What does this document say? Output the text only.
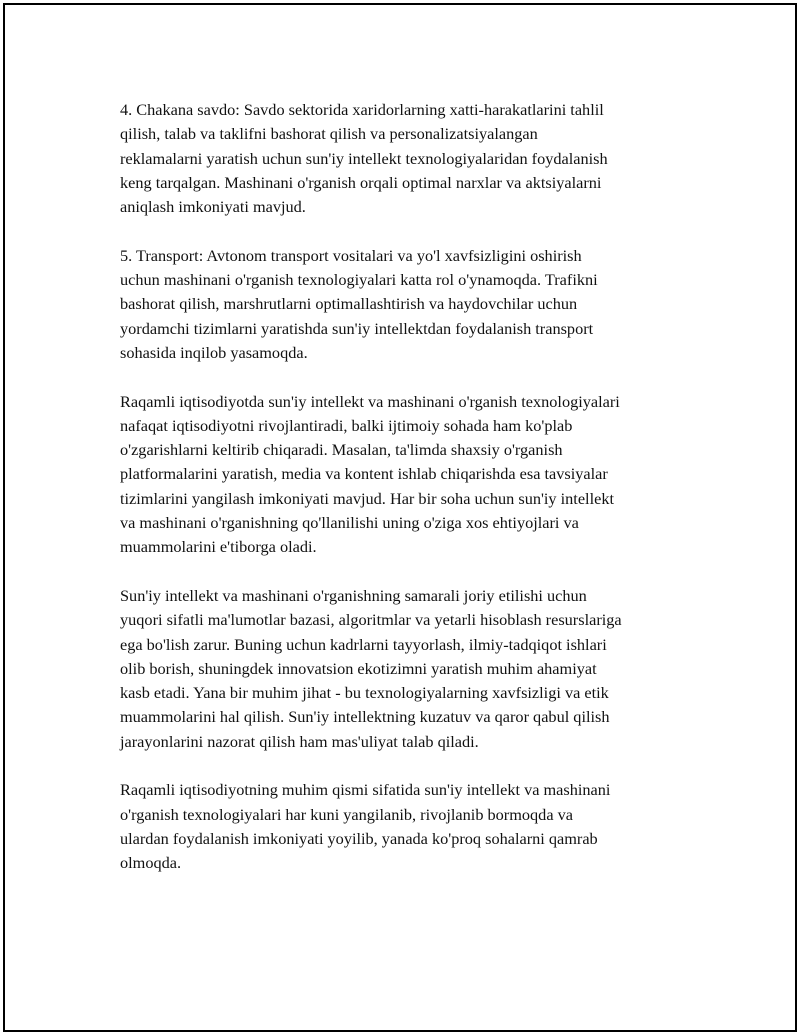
4. Chakana savdo: Savdo sektorida xaridorlarning xatti-harakatlarini tahlil
qilish, talab va taklifni bashorat qilish va personalizatsiyalangan
reklamalarni yaratish uchun sun'iy intellekt texnologiyalaridan foydalanish
keng tarqalgan. Mashinani o'rganish orqali optimal narxlar va aktsiyalarni
aniqlash imkoniyati mavjud.

5. Transport: Avtonom transport vositalari va yo'l xavfsizligini oshirish
uchun mashinani o'rganish texnologiyalari katta rol o'ynamoqda. Trafikni
bashorat qilish, marshrutlarni optimallashtirish va haydovchilar uchun
yordamchi tizimlarni yaratishda sun'iy intellektdan foydalanish transport
sohasida inqilob yasamoqda.

Raqamli iqtisodiyotda sun'iy intellekt va mashinani o'rganish texnologiyalari
nafaqat iqtisodiyotni rivojlantiradi, balki ijtimoiy sohada ham ko'plab
o'zgarishlarni keltirib chiqaradi. Masalan, ta'limda shaxsiy o'rganish
platformalarini yaratish, media va kontent ishlab chiqarishda esa tavsiyalar
tizimlarini yangilash imkoniyati mavjud. Har bir soha uchun sun'iy intellekt
va mashinani o'rganishning qo'llanilishi uning o'ziga xos ehtiyojlari va
muammolarini e'tiborga oladi.

Sun'iy intellekt va mashinani o'rganishning samarali joriy etilishi uchun
yuqori sifatli ma'lumotlar bazasi, algoritmlar va yetarli hisoblash resurslariga
ega bo'lish zarur. Buning uchun kadrlarni tayyorlash, ilmiy-tadqiqot ishlari
olib borish, shuningdek innovatsion ekotizimni yaratish muhim ahamiyat
kasb etadi. Yana bir muhim jihat - bu texnologiyalarning xavfsizligi va etik
muammolarini hal qilish. Sun'iy intellektning kuzatuv va qaror qabul qilish
jarayonlarini nazorat qilish ham mas'uliyat talab qiladi.

Raqamli iqtisodiyotning muhim qismi sifatida sun'iy intellekt va mashinani
o'rganish texnologiyalari har kuni yangilanib, rivojlanib bormoqda va
ulardan foydalanish imkoniyati yoyilib, yanada ko'proq sohalarni qamrab
olmoqda.
